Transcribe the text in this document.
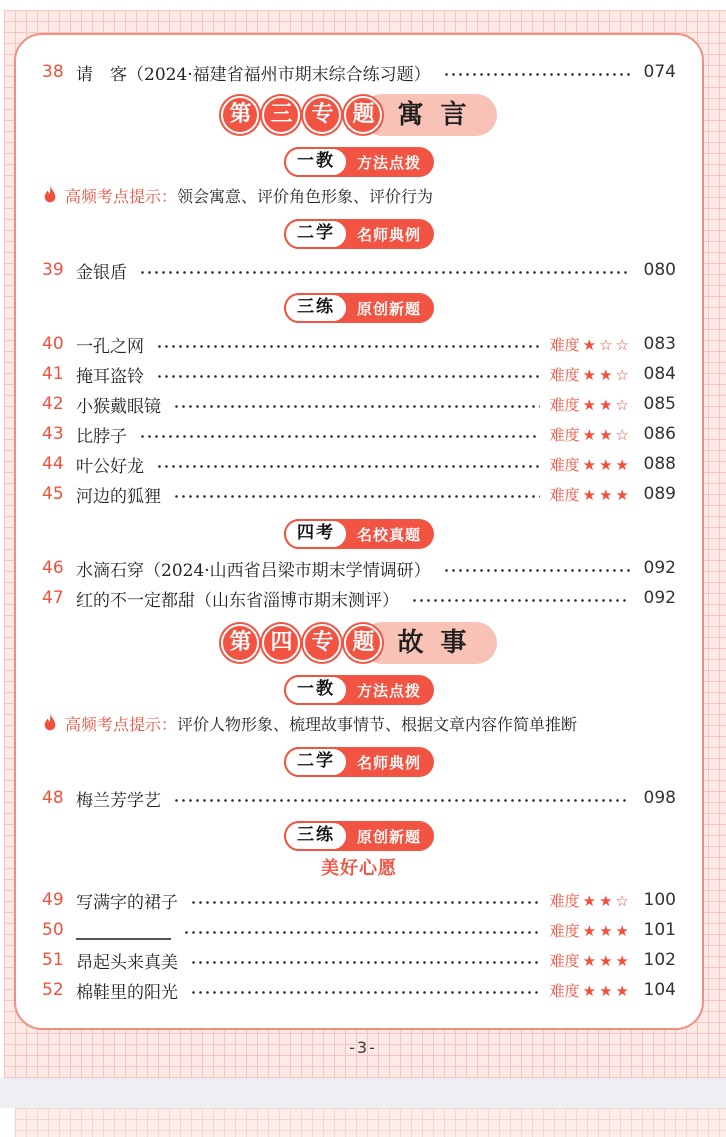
38 请　客（2024·福建省福州市期末综合练习题）	074
第 三 专 题 寓 言
一教	方法点拨
高频考点提示： 领会寓意、评价角色形象、评价行为
二学	名师典例
39 金银盾	080
三练	原创新题
40 一孔之网	难度 ★☆☆ 083
41 掩耳盗铃	难度 ★★☆ 084
42 小猴戴眼镜	难度 ★★☆ 085
43 比脖子	难度 ★★☆ 086
44 叶公好龙	难度 ★★★ 088
45 河边的狐狸	难度 ★★★ 089
四考	名校真题
46 水滴石穿（2024·山西省吕梁市期末学情调研）	092
47 红的不一定都甜（山东省淄博市期末测评）	092
第 四 专 题 故 事
一教	方法点拨
高频考点提示： 评价人物形象、梳理故事情节、根据文章内容作简单推断
二学	名师典例
48 梅兰芳学艺	098
三练	原创新题
美好心愿
49 写满字的裙子	难度 ★★☆ 100
50	难度 ★★★ 101
51 昂起头来真美	难度 ★★★ 102
52 棉鞋里的阳光	难度 ★★★ 104
-3-
